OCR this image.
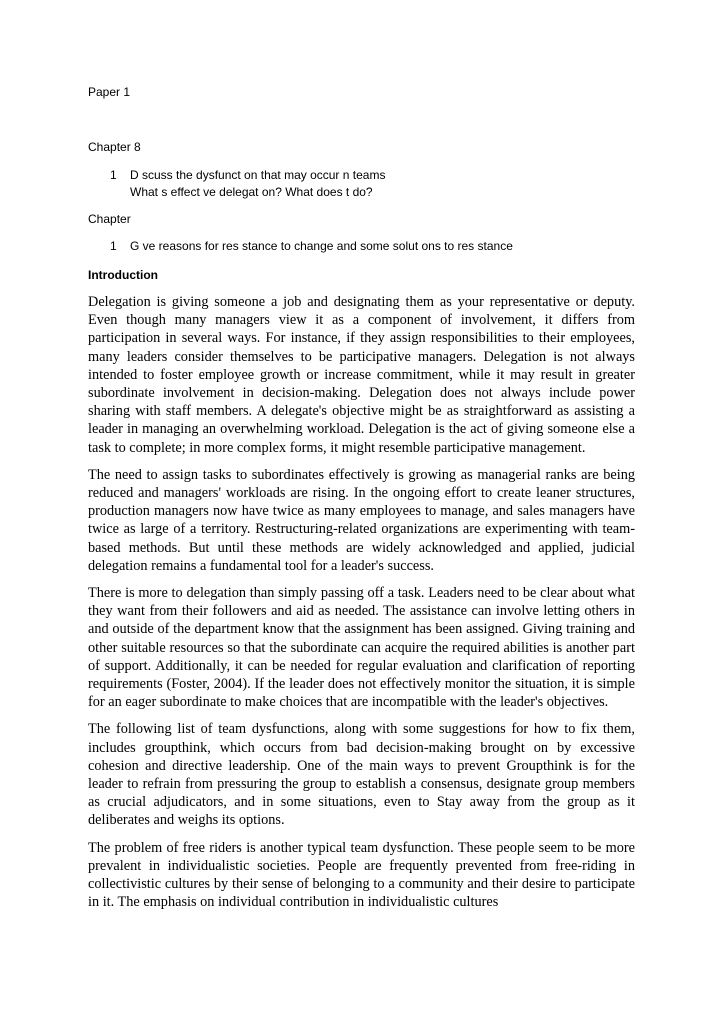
Paper 1
Chapter 8
1 D scuss the dysfunct on that may occur n teams
What s effect ve delegat on? What does t do?
Chapter
1 G ve reasons for res stance to change and some solut ons to res stance
Introduction

Delegation is giving someone a job and designating them as your representative or deputy. Even though many managers view it as a component of involvement, it differs from participation in several ways. For instance, if they assign responsibilities to their employees, many leaders consider themselves to be participative managers. Delegation is not always intended to foster employee growth or increase commitment, while it may result in greater subordinate involvement in decision-making. Delegation does not always include power sharing with staff members. A delegate's objective might be as straightforward as assisting a leader in managing an overwhelming workload. Delegation is the act of giving someone else a task to complete; in more complex forms, it might resemble participative management.

The need to assign tasks to subordinates effectively is growing as managerial ranks are being reduced and managers' workloads are rising. In the ongoing effort to create leaner structures, production managers now have twice as many employees to manage, and sales managers have twice as large of a territory. Restructuring-related organizations are experimenting with team-based methods. But until these methods are widely acknowledged and applied, judicial delegation remains a fundamental tool for a leader's success.

There is more to delegation than simply passing off a task. Leaders need to be clear about what they want from their followers and aid as needed. The assistance can involve letting others in and outside of the department know that the assignment has been assigned. Giving training and other suitable resources so that the subordinate can acquire the required abilities is another part of support. Additionally, it can be needed for regular evaluation and clarification of reporting requirements (Foster, 2004). If the leader does not effectively monitor the situation, it is simple for an eager subordinate to make choices that are incompatible with the leader's objectives.

The following list of team dysfunctions, along with some suggestions for how to fix them, includes groupthink, which occurs from bad decision-making brought on by excessive cohesion and directive leadership. One of the main ways to prevent Groupthink is for the leader to refrain from pressuring the group to establish a consensus, designate group members as crucial adjudicators, and in some situations, even to Stay away from the group as it deliberates and weighs its options.

The problem of free riders is another typical team dysfunction. These people seem to be more prevalent in individualistic societies. People are frequently prevented from free-riding in collectivistic cultures by their sense of belonging to a community and their desire to participate in it. The emphasis on individual contribution in individualistic cultures
